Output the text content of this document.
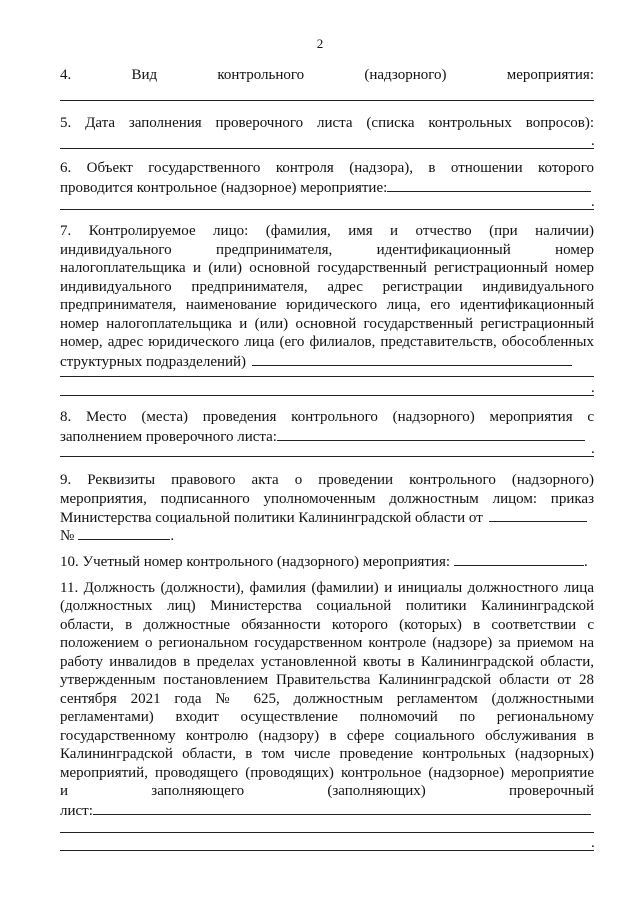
2
4. Вид контрольного (надзорного) мероприятия:
5. Дата заполнения проверочного листа (списка контрольных вопросов):
.
6. Объект государственного контроля (надзора), в отношении которого
проводится контрольное (надзорное) мероприятие:
.
7. Контролируемое лицо: (фамилия, имя и отчество (при наличии)
индивидуального предпринимателя, идентификационный номер
налогоплательщика и (или) основной государственный регистрационный номер
индивидуального предпринимателя, адрес регистрации индивидуального
предпринимателя, наименование юридического лица, его идентификационный
номер налогоплательщика и (или) основной государственный регистрационный
номер, адрес юридического лица (его филиалов, представительств, обособленных
структурных подразделений)
.
8. Место (места) проведения контрольного (надзорного) мероприятия с
заполнением проверочного листа:
.
9. Реквизиты правового акта о проведении контрольного (надзорного)
мероприятия, подписанного уполномоченным должностным лицом: приказ
Министерства социальной политики Калининградской области от
№	.
10. Учетный номер контрольного (надзорного) мероприятия:	.
11. Должность (должности), фамилия (фамилии) и инициалы должностного лица
(должностных лиц) Министерства социальной политики Калининградской
области, в должностные обязанности которого (которых) в соответствии с
положением о региональном государственном контроле (надзоре) за приемом на
работу инвалидов в пределах установленной квоты в Калининградской области,
утвержденным постановлением Правительства Калининградской области от 28
сентября 2021 года № 625, должностным регламентом (должностными
регламентами) входит осуществление полномочий по региональному
государственному контролю (надзору) в сфере социального обслуживания в
Калининградской области, в том числе проведение контрольных (надзорных)
мероприятий, проводящего (проводящих) контрольное (надзорное) мероприятие
и заполняющего (заполняющих) проверочный
лист:
.
